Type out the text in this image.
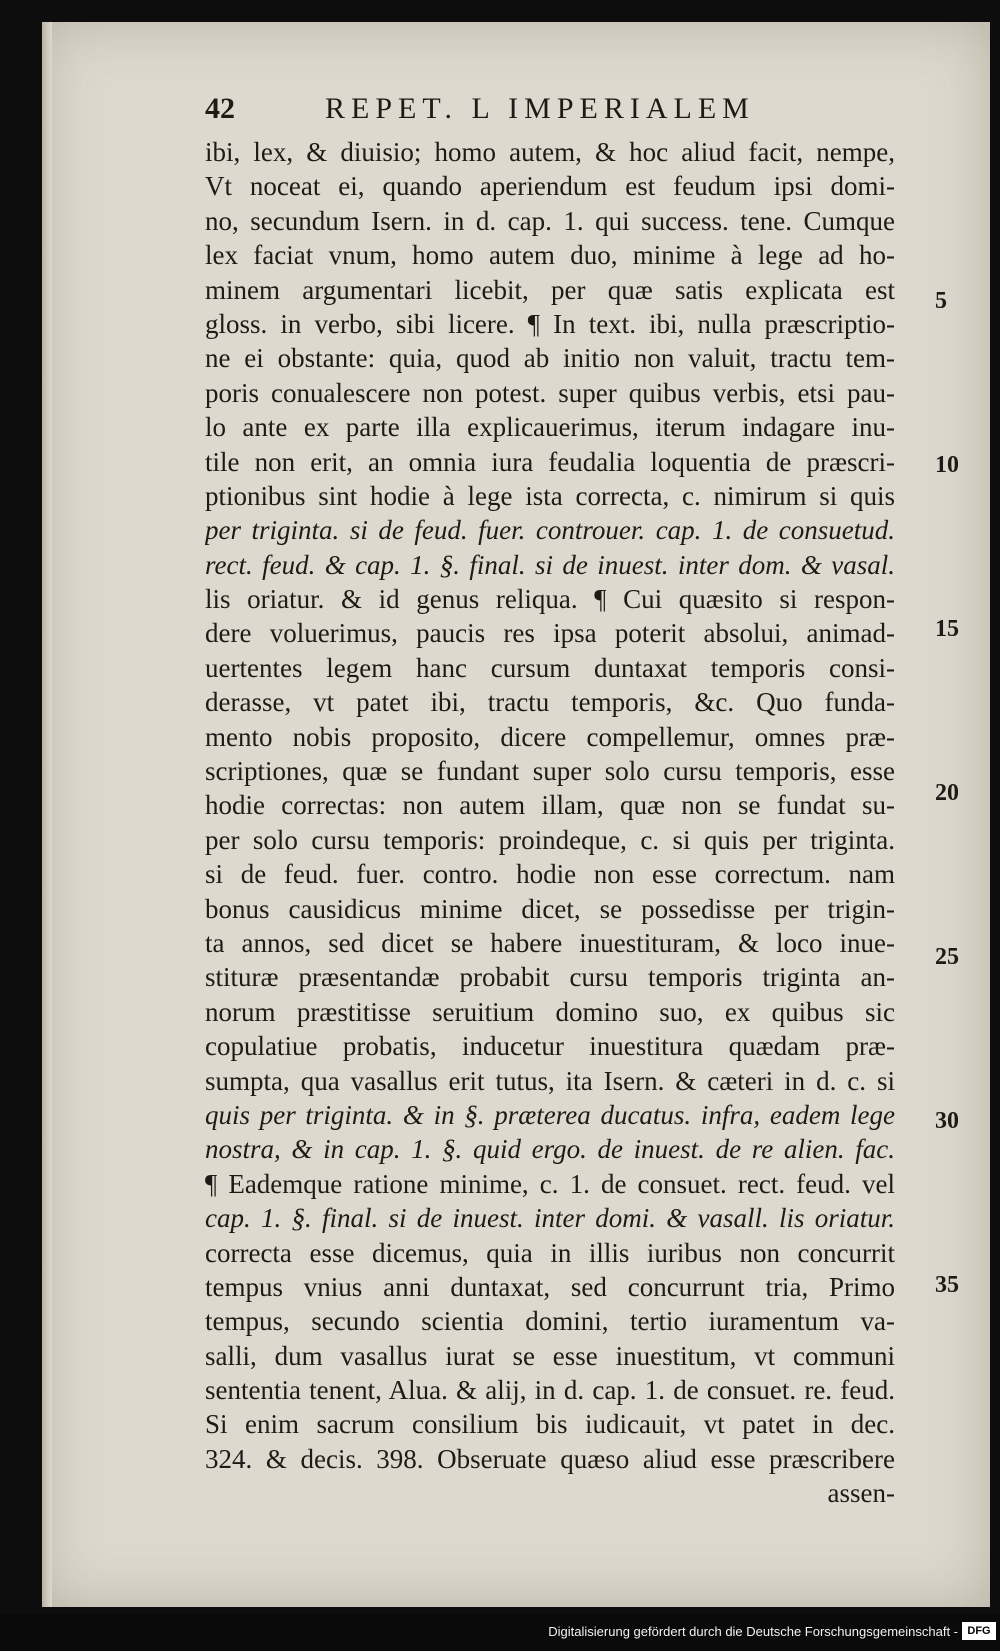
42	REPET. L IMPERIALEM
ibi, lex, & diuisio; homo autem, & hoc aliud facit, nempe,
Vt noceat ei, quando aperiendum est feudum ipsi domi-
no, secundum Isern. in d. cap. 1. qui success. tene. Cumque
lex faciat vnum, homo autem duo, minime à lege ad ho-
minem argumentari licebit, per quæ satis explicata est
gloss. in verbo, sibi licere. ¶ In text. ibi, nulla præscriptio-
ne ei obstante: quia, quod ab initio non valuit, tractu tem-
poris conualescere non potest. super quibus verbis, etsi pau-
lo ante ex parte illa explicauerimus, iterum indagare inu-
tile non erit, an omnia iura feudalia loquentia de præscri-
ptionibus sint hodie à lege ista correcta, c. nimirum si quis
per triginta. si de feud. fuer. controuer. cap. 1. de consuetud.
rect. feud. & cap. 1. §. final. si de inuest. inter dom. & vasal.
lis oriatur. & id genus reliqua. ¶ Cui quæsito si respon-
dere voluerimus, paucis res ipsa poterit absolui, animad-
uertentes legem hanc cursum duntaxat temporis consi-
derasse, vt patet ibi, tractu temporis, &c. Quo funda-
mento nobis proposito, dicere compellemur, omnes præ-
scriptiones, quæ se fundant super solo cursu temporis, esse
hodie correctas: non autem illam, quæ non se fundat su-
per solo cursu temporis: proindeque, c. si quis per triginta.
si de feud. fuer. contro. hodie non esse correctum. nam
bonus causidicus minime dicet, se possedisse per trigin-
ta annos, sed dicet se habere inuestituram, & loco inue-
stituræ præsentandæ probabit cursu temporis triginta an-
norum præstitisse seruitium domino suo, ex quibus sic
copulatiue probatis, inducetur inuestitura quædam præ-
sumpta, qua vasallus erit tutus, ita Isern. & cæteri in d. c. si
quis per triginta. & in §. præterea ducatus. infra, eadem lege
nostra, & in cap. 1. §. quid ergo. de inuest. de re alien. fac.
¶ Eademque ratione minime, c. 1. de consuet. rect. feud. vel
cap. 1. §. final. si de inuest. inter domi. & vasall. lis oriatur.
correcta esse dicemus, quia in illis iuribus non concurrit
tempus vnius anni duntaxat, sed concurrunt tria, Primo
tempus, secundo scientia domini, tertio iuramentum va-
salli, dum vasallus iurat se esse inuestitum, vt communi
sententia tenent, Alua. & alij, in d. cap. 1. de consuet. re. feud.
Si enim sacrum consilium bis iudicauit, vt patet in dec.
324. & decis. 398. Obseruate quæso aliud esse præscribere
assen-
5
10
15
20
25
30
35
Digitalisierung gefördert durch die Deutsche Forschungsgemeinschaft - DFG
